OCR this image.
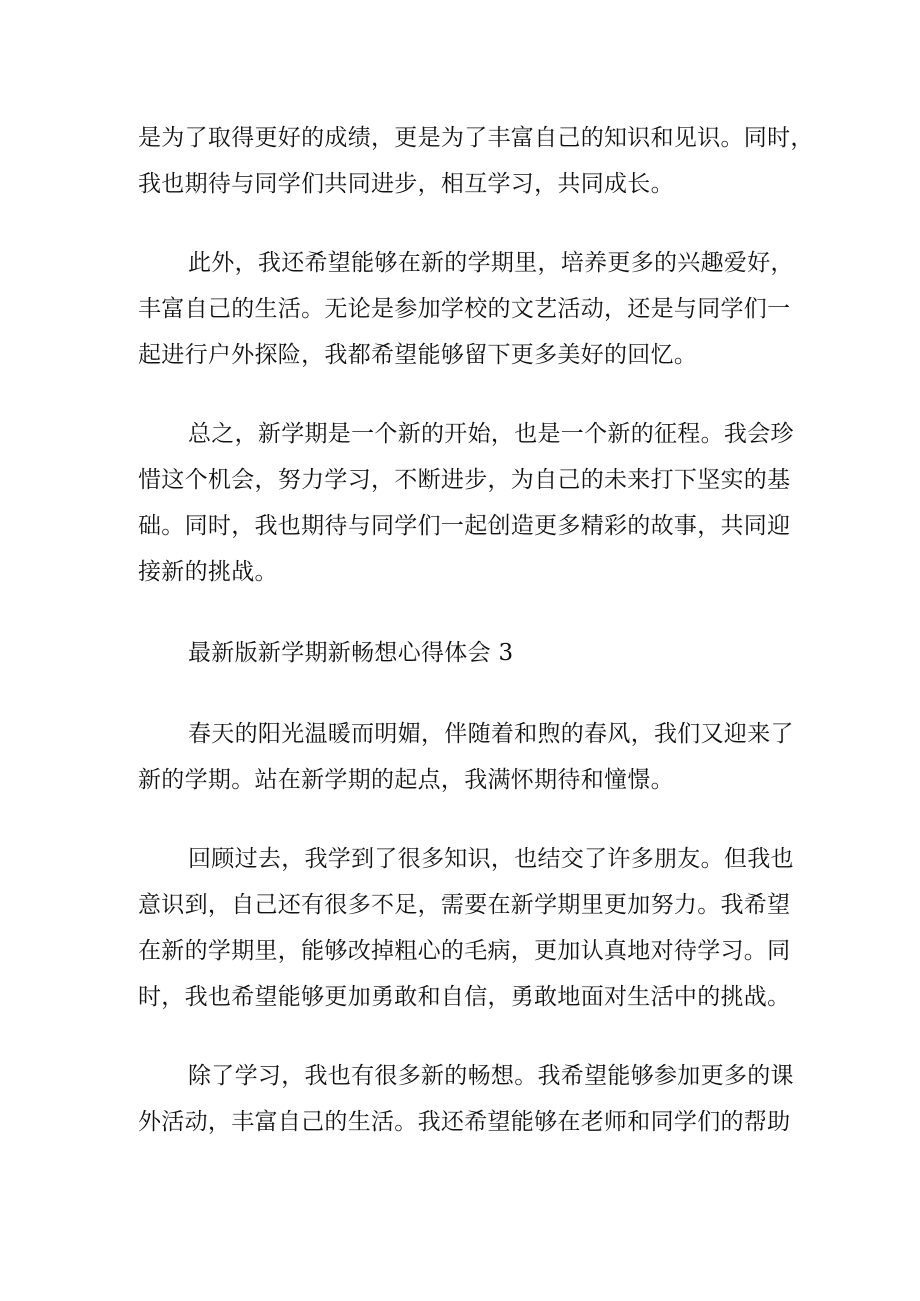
是为了取得更好的成绩，更是为了丰富自己的知识和见识。同时，
我也期待与同学们共同进步，相互学习，共同成长。
此外，我还希望能够在新的学期里，培养更多的兴趣爱好，
丰富自己的生活。无论是参加学校的文艺活动，还是与同学们一
起进行户外探险，我都希望能够留下更多美好的回忆。
总之，新学期是一个新的开始，也是一个新的征程。我会珍
惜这个机会，努力学习，不断进步，为自己的未来打下坚实的基
础。同时，我也期待与同学们一起创造更多精彩的故事，共同迎
接新的挑战。
最新版新学期新畅想心得体会 3
春天的阳光温暖而明媚，伴随着和煦的春风，我们又迎来了
新的学期。站在新学期的起点，我满怀期待和憧憬。
回顾过去，我学到了很多知识，也结交了许多朋友。但我也
意识到，自己还有很多不足，需要在新学期里更加努力。我希望
在新的学期里，能够改掉粗心的毛病，更加认真地对待学习。同
时，我也希望能够更加勇敢和自信，勇敢地面对生活中的挑战。
除了学习，我也有很多新的畅想。我希望能够参加更多的课
外活动，丰富自己的生活。我还希望能够在老师和同学们的帮助
